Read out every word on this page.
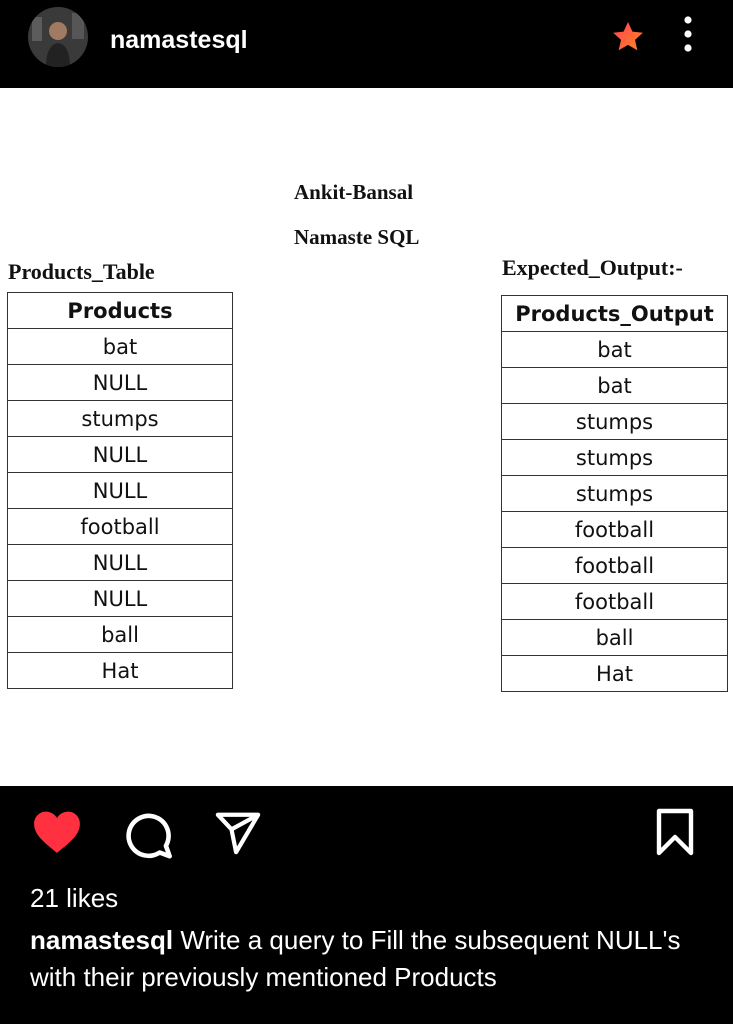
namastesql
Ankit-Bansal
Namaste SQL
Products_Table	Expected_Output:-
Products
bat
NULL
stumps
NULL
NULL
football
NULL
NULL
ball
Hat
Products_Output
bat
bat
stumps
stumps
stumps
football
football
football
ball
Hat
21 likes
namastesql Write a query to Fill the subsequent NULL's with their previously mentioned Products
